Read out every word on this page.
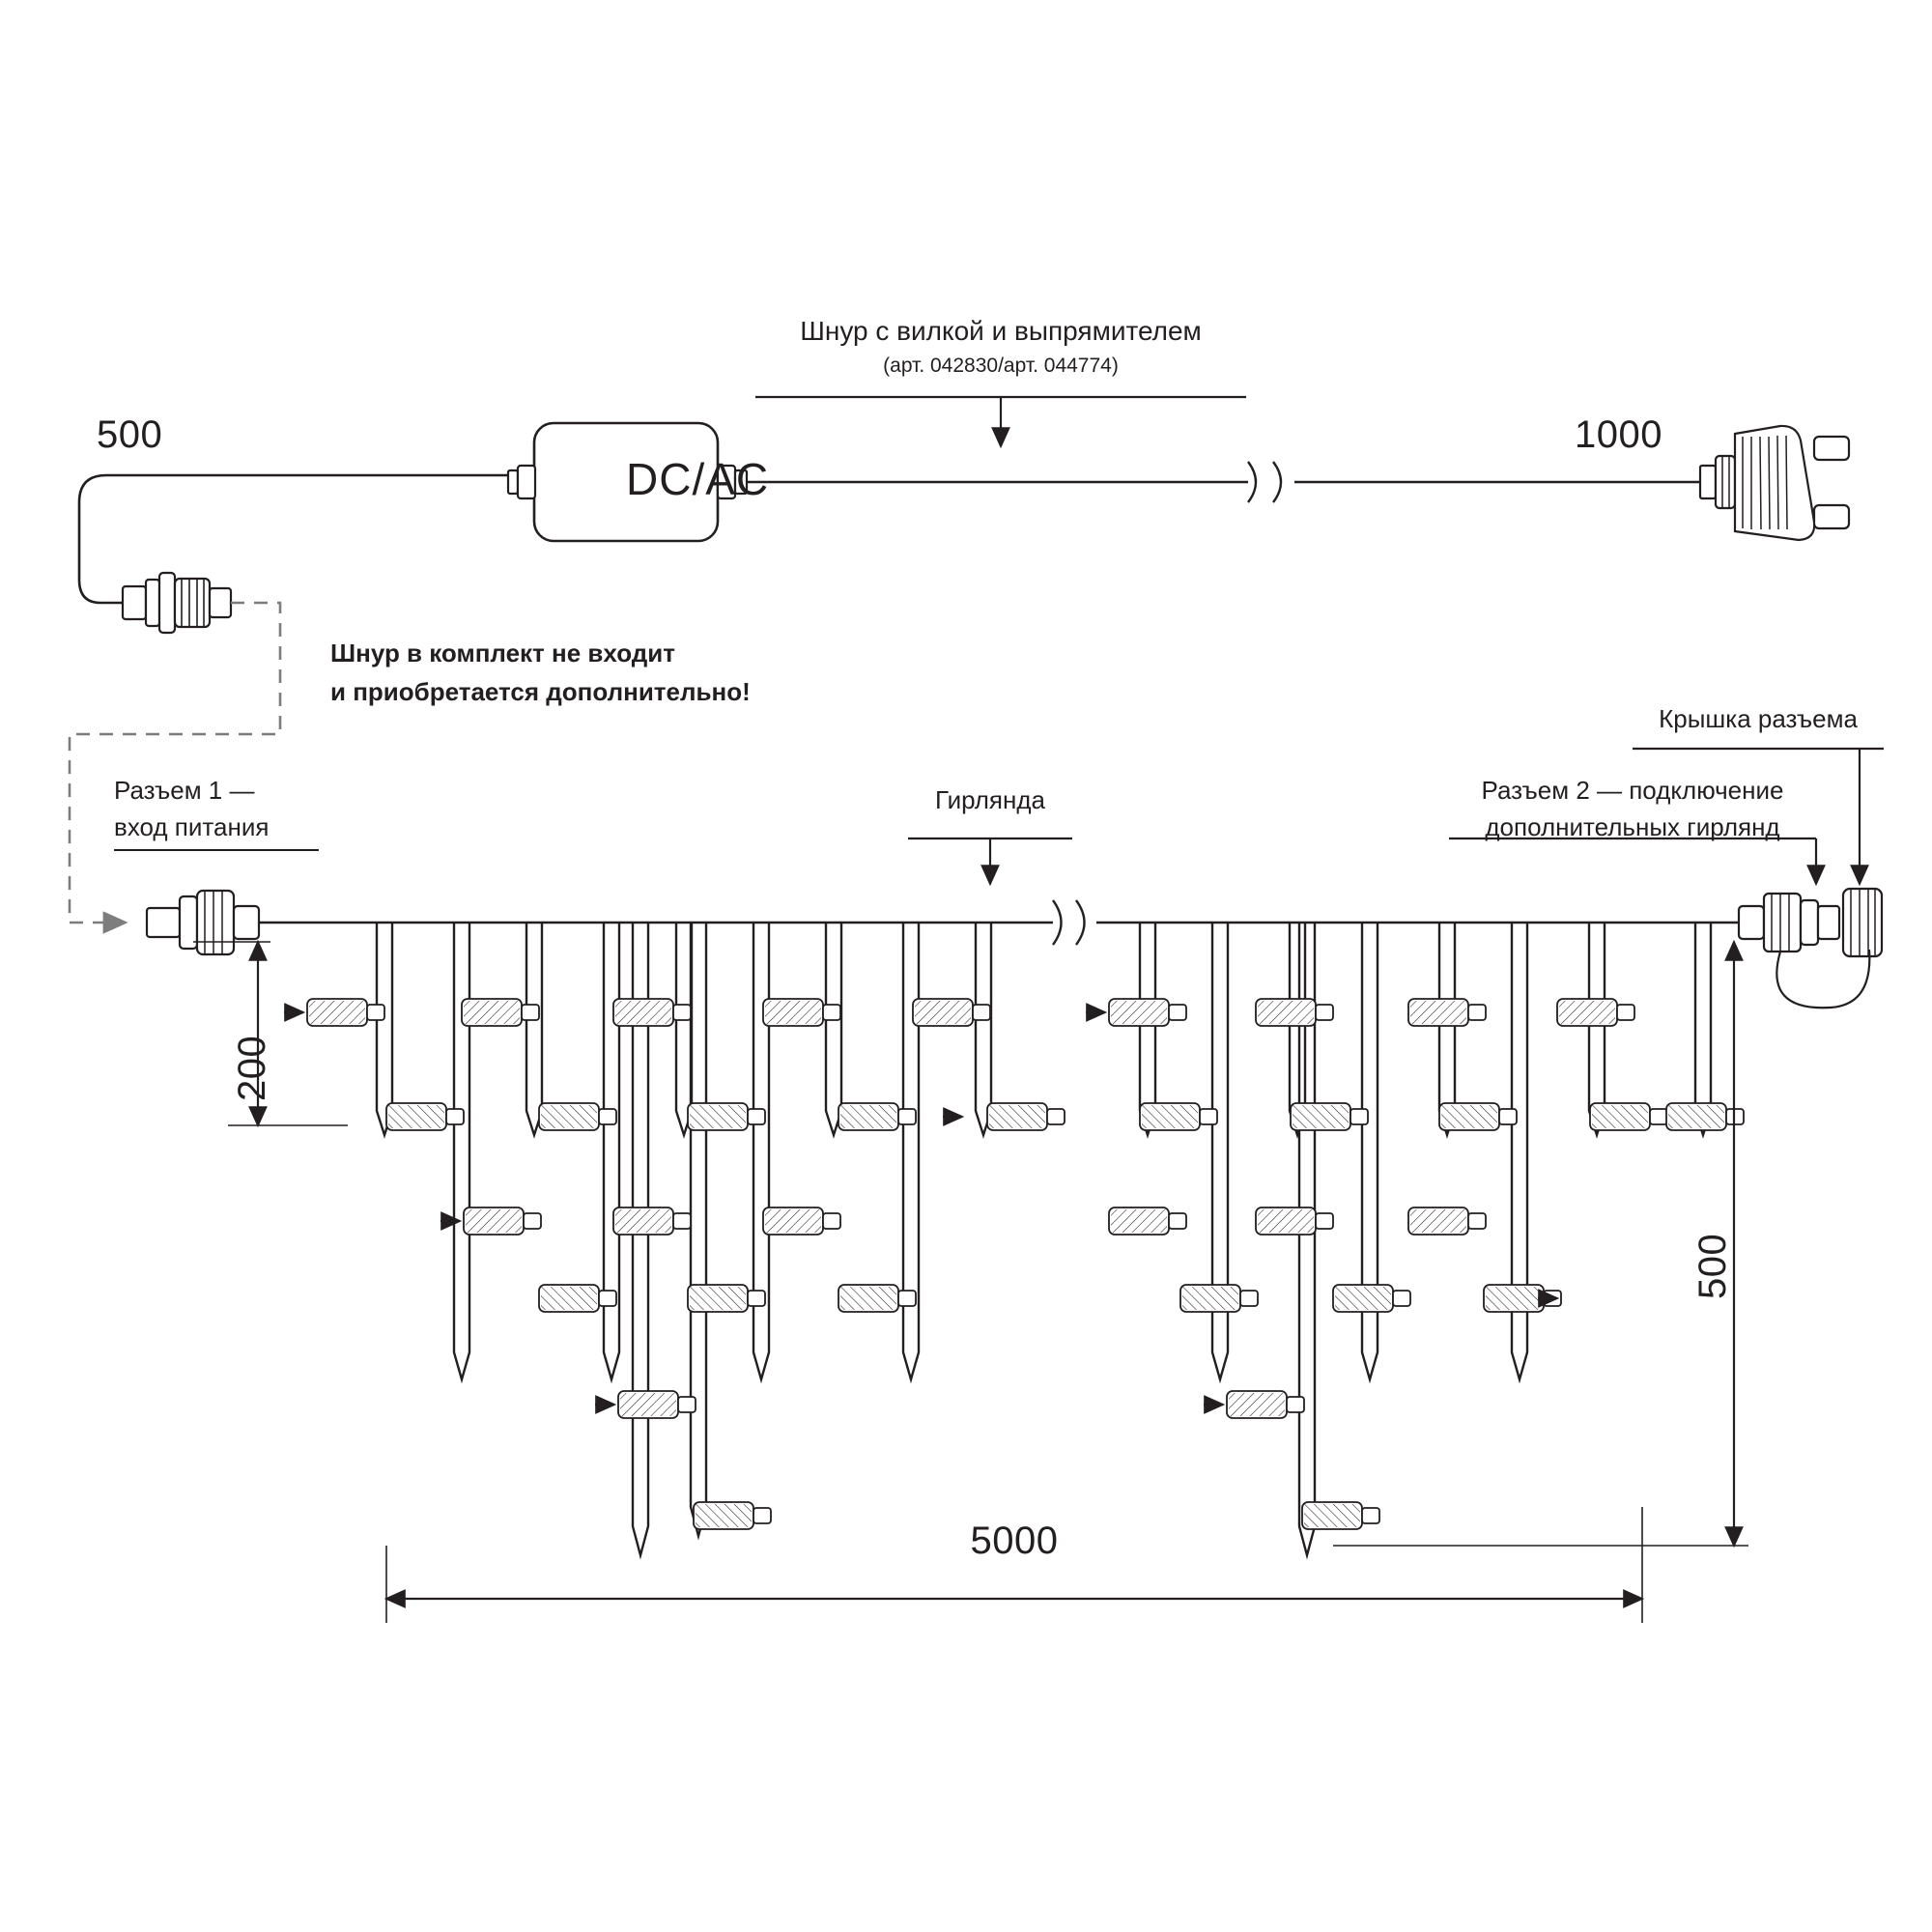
Шнур с вилкой и выпрямителем
(арт. 042830/арт. 044774)
500	1000
DC/AC
Шнур в комплект не входит
и приобретается дополнительно!
Разъем 1 —
вход питания
Гирлянда	Разъем 2 — подключение
дополнительных гирлянд
Крышка разъема
200
500
5000
